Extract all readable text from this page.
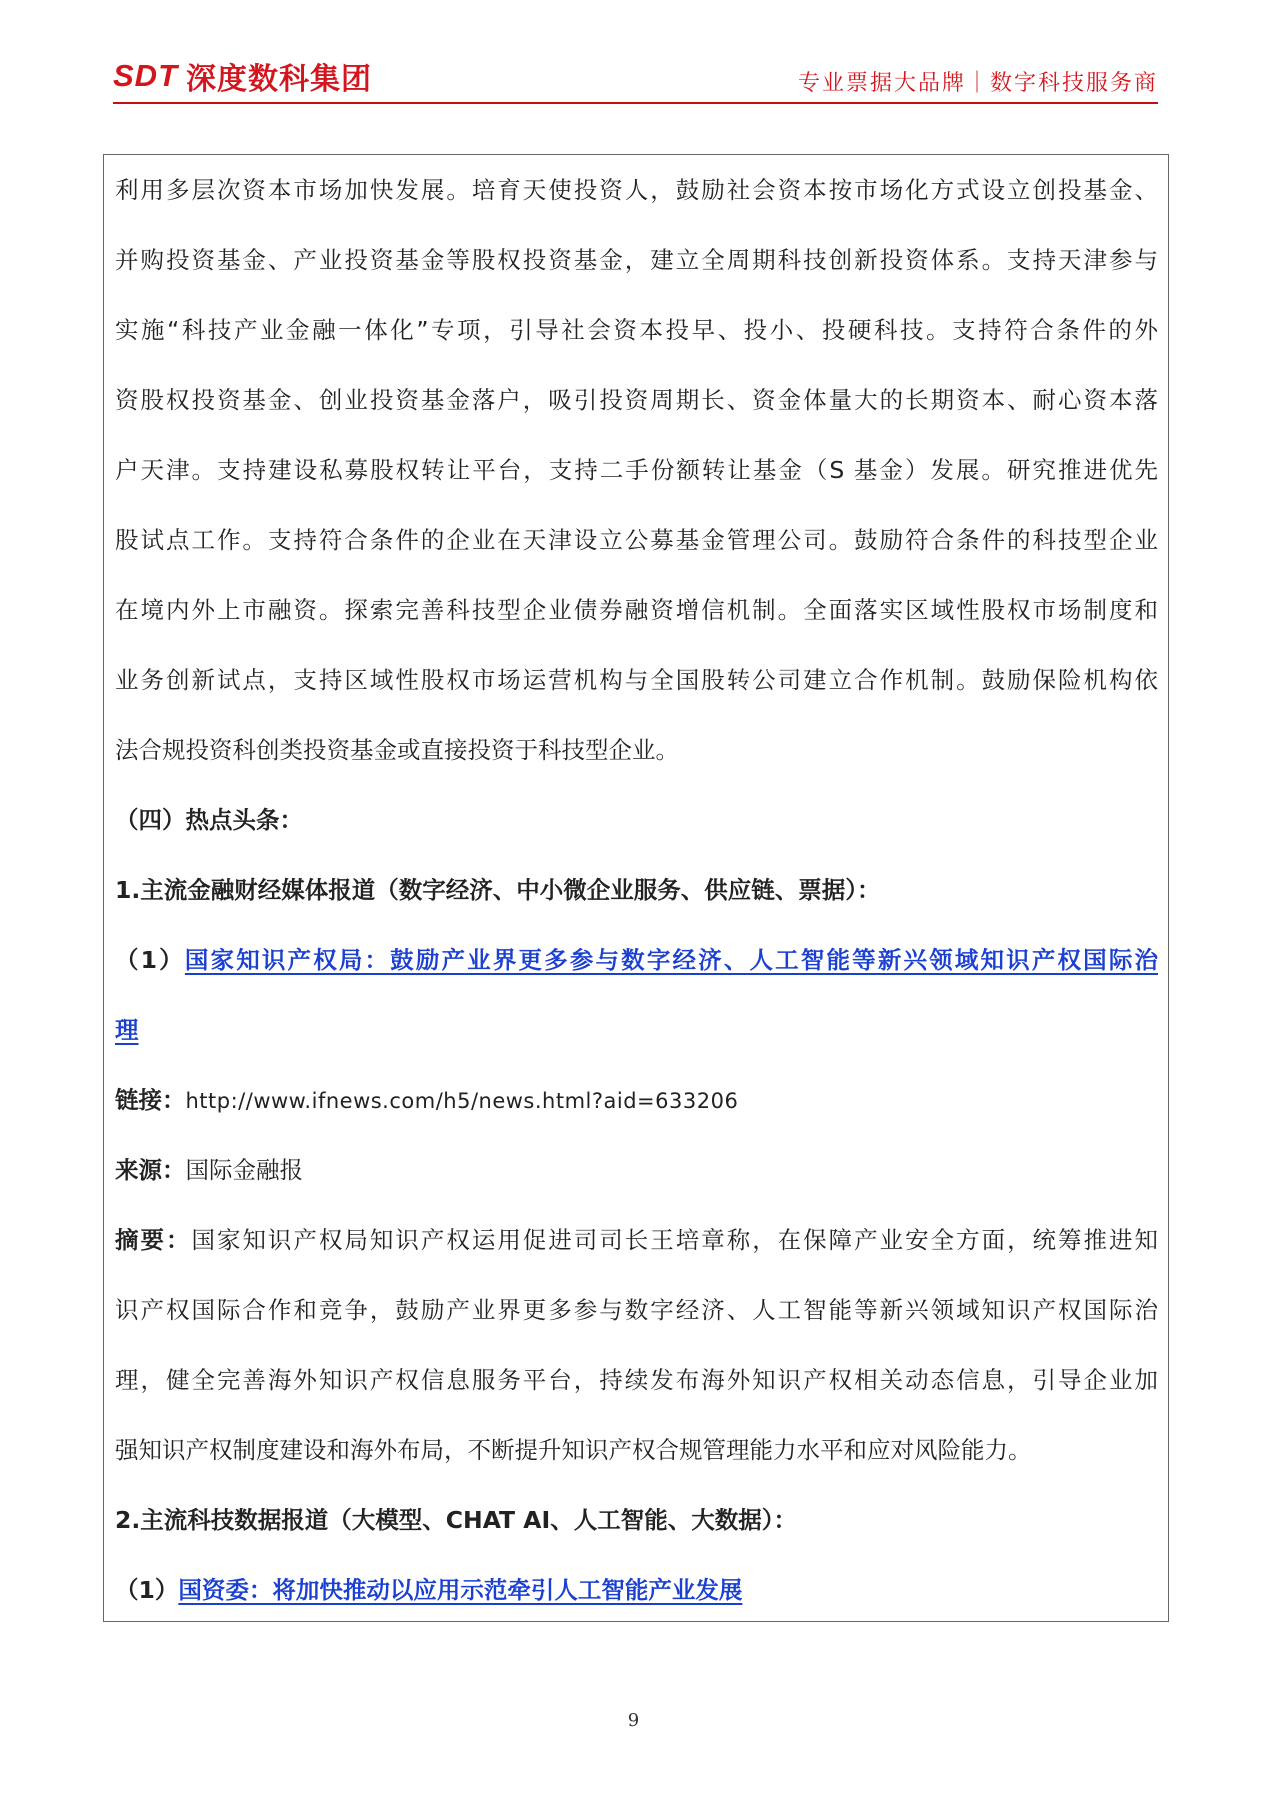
SDT 深度数科集团	专业票据大品牌｜数字科技服务商
利用多层次资本市场加快发展。培育天使投资人，鼓励社会资本按市场化方式设立创投基金、
并购投资基金、产业投资基金等股权投资基金，建立全周期科技创新投资体系。支持天津参与
实施“科技产业金融一体化”专项，引导社会资本投早、投小、投硬科技。支持符合条件的外
资股权投资基金、创业投资基金落户，吸引投资周期长、资金体量大的长期资本、耐心资本落
户天津。支持建设私募股权转让平台，支持二手份额转让基金（S 基金）发展。研究推进优先
股试点工作。支持符合条件的企业在天津设立公募基金管理公司。鼓励符合条件的科技型企业
在境内外上市融资。探索完善科技型企业债券融资增信机制。全面落实区域性股权市场制度和
业务创新试点，支持区域性股权市场运营机构与全国股转公司建立合作机制。鼓励保险机构依
法合规投资科创类投资基金或直接投资于科技型企业。
（四）热点头条：
1.主流金融财经媒体报道（数字经济、中小微企业服务、供应链、票据）：
（1）国家知识产权局：鼓励产业界更多参与数字经济、人工智能等新兴领域知识产权国际治
理
链接：http://www.ifnews.com/h5/news.html?aid=633206
来源：国际金融报
摘要：国家知识产权局知识产权运用促进司司长王培章称，在保障产业安全方面，统筹推进知
识产权国际合作和竞争，鼓励产业界更多参与数字经济、人工智能等新兴领域知识产权国际治
理，健全完善海外知识产权信息服务平台，持续发布海外知识产权相关动态信息，引导企业加
强知识产权制度建设和海外布局，不断提升知识产权合规管理能力水平和应对风险能力。
2.主流科技数据报道（大模型、CHAT AI、人工智能、大数据）：
（1）国资委：将加快推动以应用示范牵引人工智能产业发展
9
